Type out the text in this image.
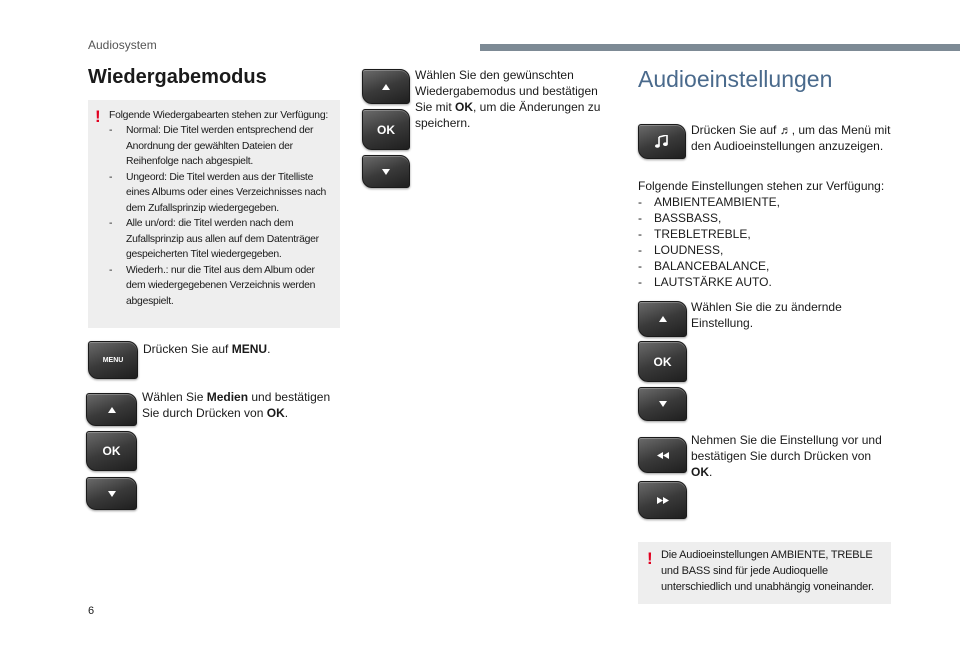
Audiosystem
Wiedergabemodus
! Folgende Wiedergabearten stehen zur Verfügung:
- Normal: Die Titel werden entsprechend der Anordnung der gewählten Dateien der Reihenfolge nach abgespielt.
- Ungeord: Die Titel werden aus der Titelliste eines Albums oder eines Verzeichnisses nach dem Zufallsprinzip wiedergegeben.
- Alle un/ord: die Titel werden nach dem Zufallsprinzip aus allen auf dem Datenträger gespeicherten Titel wiedergegeben.
- Wiederh.: nur die Titel aus dem Album oder dem wiedergegebenen Verzeichnis werden abgespielt.
MENU
Drücken Sie auf MENU.
OK
Wählen Sie Medien und bestätigen Sie durch Drücken von OK.
OK
Wählen Sie den gewünschten Wiedergabemodus und bestätigen Sie mit OK, um die Änderungen zu speichern.
Audioeinstellungen
Drücken Sie auf ♬, um das Menü mit den Audioeinstellungen anzuzeigen.
Folgende Einstellungen stehen zur Verfügung:
- AMBIENTEAMBIENTE,
- BASSBASS,
- TREBLETREBLE,
- LOUDNESS,
- BALANCEBALANCE,
- LAUTSTÄRKE AUTO.
OK
Wählen Sie die zu ändernde Einstellung.
Nehmen Sie die Einstellung vor und bestätigen Sie durch Drücken von OK.
! Die Audioeinstellungen AMBIENTE, TREBLE und BASS sind für jede Audioquelle unterschiedlich und unabhängig voneinander.
6
